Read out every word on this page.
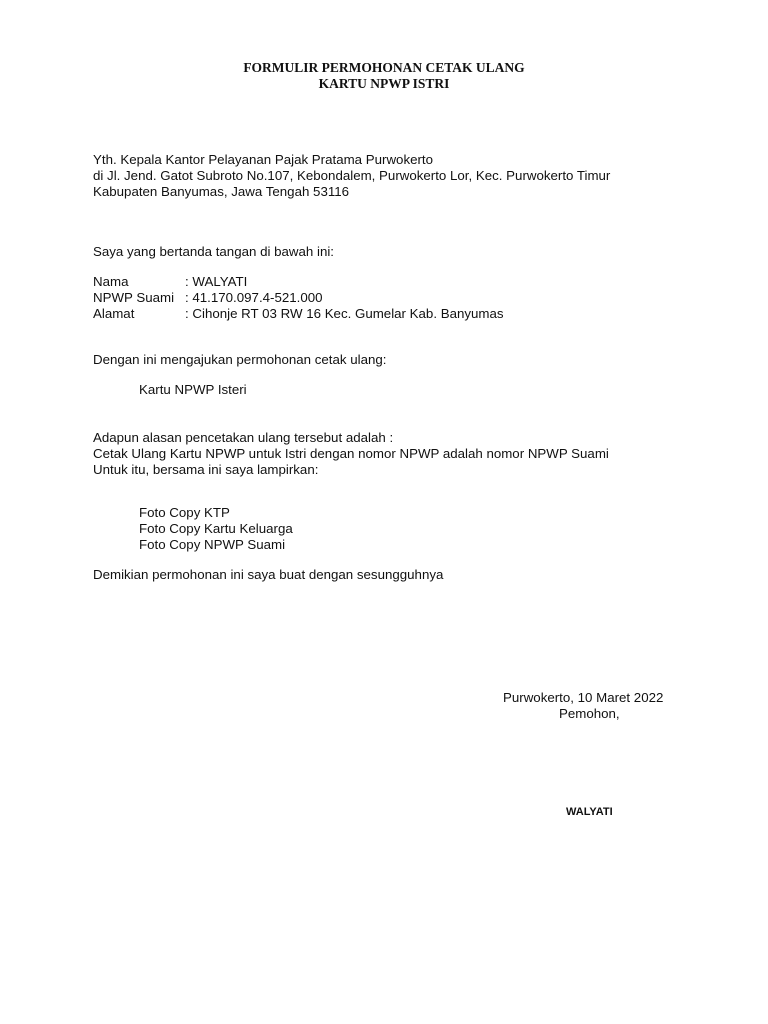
FORMULIR PERMOHONAN CETAK ULANG
KARTU NPWP ISTRI
Yth. Kepala Kantor Pelayanan Pajak Pratama Purwokerto
di Jl. Jend. Gatot Subroto No.107, Kebondalem, Purwokerto Lor, Kec. Purwokerto Timur
Kabupaten Banyumas, Jawa Tengah 53116
Saya yang bertanda tangan di bawah ini:
Nama	: WALYATI
NPWP Suami : 41.170.097.4-521.000
Alamat	: Cihonje RT 03 RW 16 Kec. Gumelar Kab. Banyumas
Dengan ini mengajukan permohonan cetak ulang:
Kartu NPWP Isteri
Adapun alasan pencetakan ulang tersebut adalah :
Cetak Ulang Kartu NPWP untuk Istri dengan nomor NPWP adalah nomor NPWP Suami
Untuk itu, bersama ini saya lampirkan:
Foto Copy KTP
Foto Copy Kartu Keluarga
Foto Copy NPWP Suami
Demikian permohonan ini saya buat dengan sesungguhnya
Purwokerto, 10 Maret 2022
Pemohon,
WALYATI
